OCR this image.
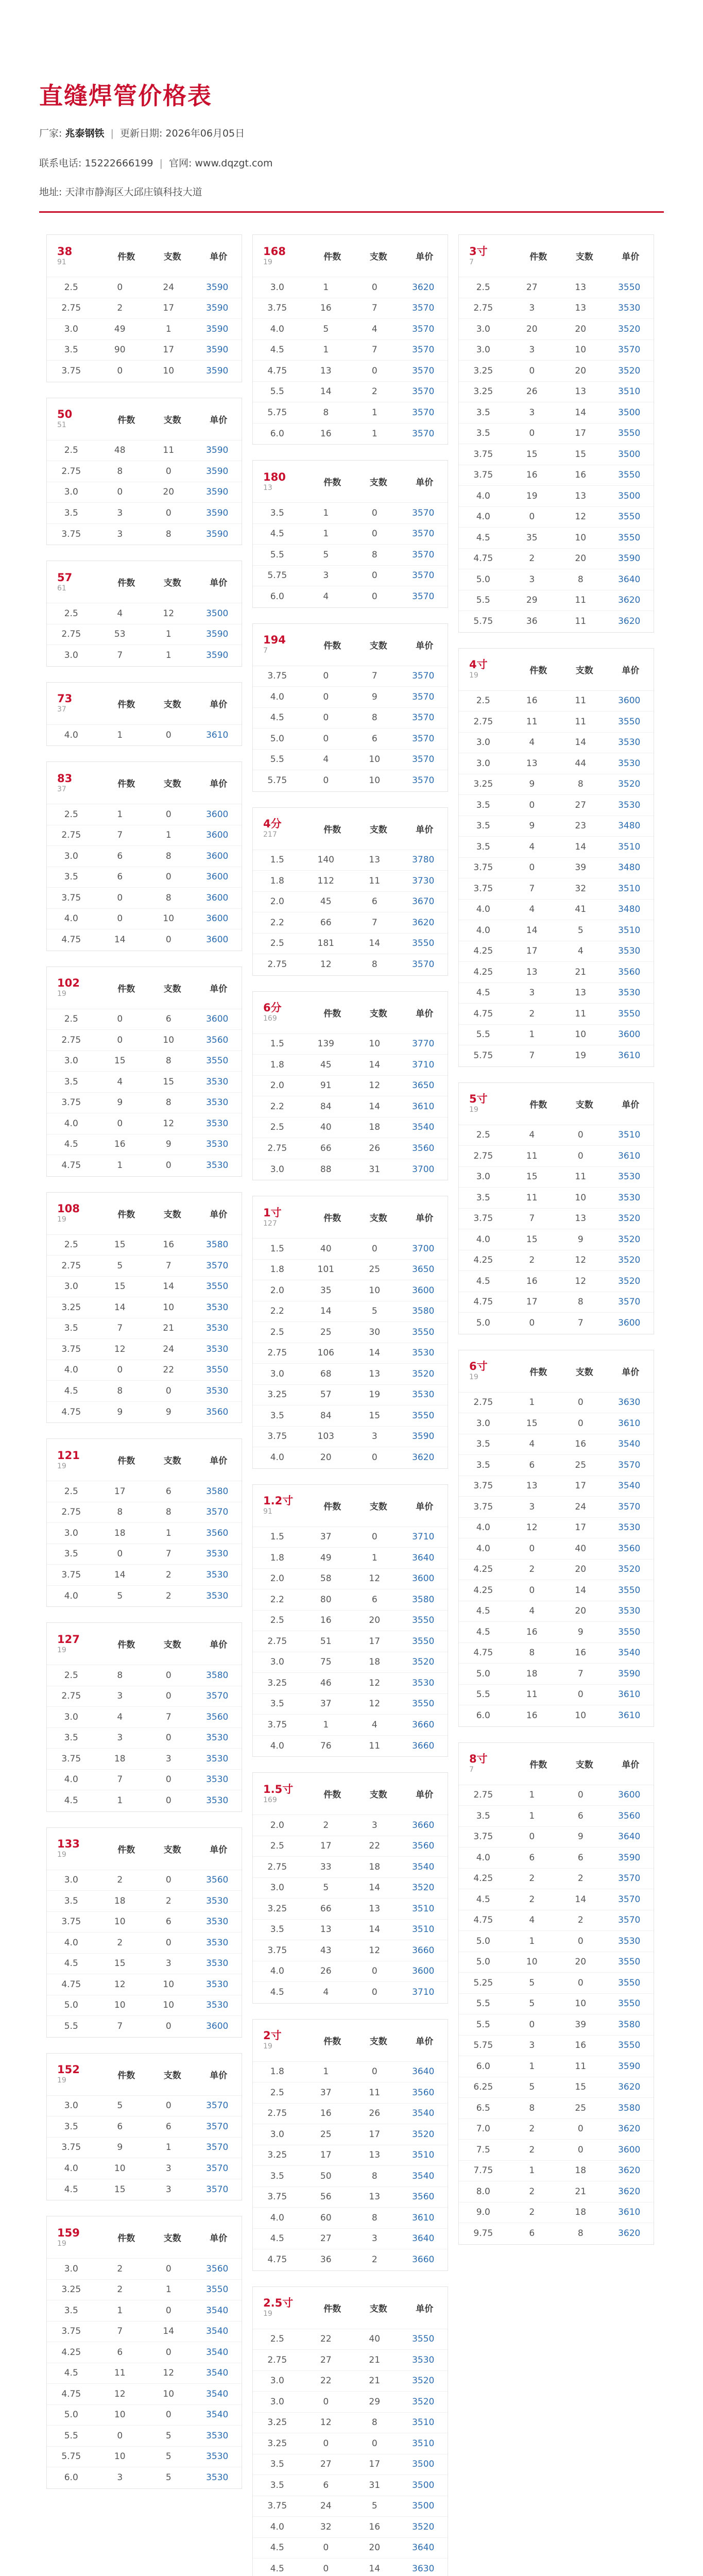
直缝焊管价格表
厂家: 兆泰钢铁 | 更新日期: 2026年06月05日
联系电话: 15222666199 | 官网: www.dqzgt.com
地址: 天津市静海区大邱庄镇科技大道
38
91	件数	支数	单价
2.5	0	24	3590
2.75	2	17	3590
3.0	49	1	3590
3.5	90	17	3590
3.75	0	10	3590
50
51	件数	支数	单价
2.5	48	11	3590
2.75	8	0	3590
3.0	0	20	3590
3.5	3	0	3590
3.75	3	8	3590
57
61	件数	支数	单价
2.5	4	12	3500
2.75	53	1	3590
3.0	7	1	3590
73
37	件数	支数	单价
4.0	1	0	3610
83
37	件数	支数	单价
2.5	1	0	3600
2.75	7	1	3600
3.0	6	8	3600
3.5	6	0	3600
3.75	0	8	3600
4.0	0	10	3600
4.75	14	0	3600
102
19	件数	支数	单价
2.5	0	6	3600
2.75	0	10	3560
3.0	15	8	3550
3.5	4	15	3530
3.75	9	8	3530
4.0	0	12	3530
4.5	16	9	3530
4.75	1	0	3530
108
19	件数	支数	单价
2.5	15	16	3580
2.75	5	7	3570
3.0	15	14	3550
3.25	14	10	3530
3.5	7	21	3530
3.75	12	24	3530
4.0	0	22	3550
4.5	8	0	3530
4.75	9	9	3560
121
19	件数	支数	单价
2.5	17	6	3580
2.75	8	8	3570
3.0	18	1	3560
3.5	0	7	3530
3.75	14	2	3530
4.0	5	2	3530
127
19	件数	支数	单价
2.5	8	0	3580
2.75	3	0	3570
3.0	4	7	3560
3.5	3	0	3530
3.75	18	3	3530
4.0	7	0	3530
4.5	1	0	3530
133
19	件数	支数	单价
3.0	2	0	3560
3.5	18	2	3530
3.75	10	6	3530
4.0	2	0	3530
4.5	15	3	3530
4.75	12	10	3530
5.0	10	10	3530
5.5	7	0	3600
152
19	件数	支数	单价
3.0	5	0	3570
3.5	6	6	3570
3.75	9	1	3570
4.0	10	3	3570
4.5	15	3	3570
159
19	件数	支数	单价
3.0	2	0	3560
3.25	2	1	3550
3.5	1	0	3540
3.75	7	14	3540
4.25	6	0	3540
4.5	11	12	3540
4.75	12	10	3540
5.0	10	0	3540
5.5	0	5	3530
5.75	10	5	3530
6.0	3	5	3530
168
19	件数	支数	单价
3.0	1	0	3620
3.75	16	7	3570
4.0	5	4	3570
4.5	1	7	3570
4.75	13	0	3570
5.5	14	2	3570
5.75	8	1	3570
6.0	16	1	3570
180
13	件数	支数	单价
3.5	1	0	3570
4.5	1	0	3570
5.5	5	8	3570
5.75	3	0	3570
6.0	4	0	3570
194
7	件数	支数	单价
3.75	0	7	3570
4.0	0	9	3570
4.5	0	8	3570
5.0	0	6	3570
5.5	4	10	3570
5.75	0	10	3570
4分
217	件数	支数	单价
1.5	140	13	3780
1.8	112	11	3730
2.0	45	6	3670
2.2	66	7	3620
2.5	181	14	3550
2.75	12	8	3570
6分
169	件数	支数	单价
1.5	139	10	3770
1.8	45	14	3710
2.0	91	12	3650
2.2	84	14	3610
2.5	40	18	3540
2.75	66	26	3560
3.0	88	31	3700
1寸
127	件数	支数	单价
1.5	40	0	3700
1.8	101	25	3650
2.0	35	10	3600
2.2	14	5	3580
2.5	25	30	3550
2.75	106	14	3530
3.0	68	13	3520
3.25	57	19	3530
3.5	84	15	3550
3.75	103	3	3590
4.0	20	0	3620
1.2寸
91	件数	支数	单价
1.5	37	0	3710
1.8	49	1	3640
2.0	58	12	3600
2.2	80	6	3580
2.5	16	20	3550
2.75	51	17	3550
3.0	75	18	3520
3.25	46	12	3530
3.5	37	12	3550
3.75	1	4	3660
4.0	76	11	3660
1.5寸
169	件数	支数	单价
2.0	2	3	3660
2.5	17	22	3560
2.75	33	18	3540
3.0	5	14	3520
3.25	66	13	3510
3.5	13	14	3510
3.75	43	12	3660
4.0	26	0	3600
4.5	4	0	3710
2寸
19	件数	支数	单价
1.8	1	0	3640
2.5	37	11	3560
2.75	16	26	3540
3.0	25	17	3520
3.25	17	13	3510
3.5	50	8	3540
3.75	56	13	3560
4.0	60	8	3610
4.5	27	3	3640
4.75	36	2	3660
2.5寸
19	件数	支数	单价
2.5	22	40	3550
2.75	27	21	3530
3.0	22	21	3520
3.0	0	29	3520
3.25	12	8	3510
3.25	0	0	3510
3.5	27	17	3500
3.5	6	31	3500
3.75	24	5	3500
4.0	32	16	3520
4.5	0	20	3640
4.5	0	14	3630
3寸
7	件数	支数	单价
2.5	27	13	3550
2.75	3	13	3530
3.0	20	20	3520
3.0	3	10	3570
3.25	0	20	3520
3.25	26	13	3510
3.5	3	14	3500
3.5	0	17	3550
3.75	15	15	3500
3.75	16	16	3550
4.0	19	13	3500
4.0	0	12	3550
4.5	35	10	3550
4.75	2	20	3590
5.0	3	8	3640
5.5	29	11	3620
5.75	36	11	3620
4寸
19	件数	支数	单价
2.5	16	11	3600
2.75	11	11	3550
3.0	4	14	3530
3.0	13	44	3530
3.25	9	8	3520
3.5	0	27	3530
3.5	9	23	3480
3.5	4	14	3510
3.75	0	39	3480
3.75	7	32	3510
4.0	4	41	3480
4.0	14	5	3510
4.25	17	4	3530
4.25	13	21	3560
4.5	3	13	3530
4.75	2	11	3550
5.5	1	10	3600
5.75	7	19	3610
5寸
19	件数	支数	单价
2.5	4	0	3510
2.75	11	0	3610
3.0	15	11	3530
3.5	11	10	3530
3.75	7	13	3520
4.0	15	9	3520
4.25	2	12	3520
4.5	16	12	3520
4.75	17	8	3570
5.0	0	7	3600
6寸
19	件数	支数	单价
2.75	1	0	3630
3.0	15	0	3610
3.5	4	16	3540
3.5	6	25	3570
3.75	13	17	3540
3.75	3	24	3570
4.0	12	17	3530
4.0	0	40	3560
4.25	2	20	3520
4.25	0	14	3550
4.5	4	20	3530
4.5	16	9	3550
4.75	8	16	3540
5.0	18	7	3590
5.5	11	0	3610
6.0	16	10	3610
8寸
7	件数	支数	单价
2.75	1	0	3600
3.5	1	6	3560
3.75	0	9	3640
4.0	6	6	3590
4.25	2	2	3570
4.5	2	14	3570
4.75	4	2	3570
5.0	1	0	3530
5.0	10	20	3550
5.25	5	0	3550
5.5	5	10	3550
5.5	0	39	3580
5.75	3	16	3550
6.0	1	11	3590
6.25	5	15	3620
6.5	8	25	3580
7.0	2	0	3620
7.5	2	0	3600
7.75	1	18	3620
8.0	2	21	3620
9.0	2	18	3610
9.75	6	8	3620
